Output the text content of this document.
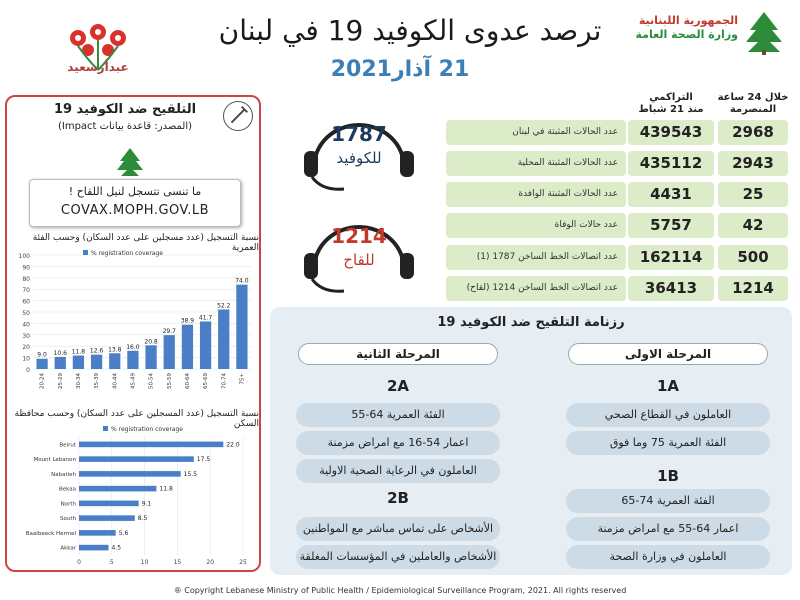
ترصد عدوى الكوفيد 19 في لبنان
21 آذار2021
الجمهورية اللبنانية
وزارة الصحة العامة
عبدأرسعيد
التلقيح ضد الكوفيد 19
(المصدر: قاعدة بيانات Impact)
ما تنسى تتسجل لنيل اللقاح !
COVAX.MOPH.GOV.LB
نسبة التسجيل (عدد مسجلين على عدد السكان) وحسب الفئة العمرية
0
10
20
30
40
50
60
70
80
90
100	% registration coverage
9.0
20-24
10.6
25-29
11.8
30-34
12.6
35-39
13.8
40-44
16.0
45-49
20.8
50-54
29.7
55-59
38.9
60-64
41.7
65-69
52.2
70-74
74.0
75+
نسبة التسجيل (عدد المسجلين على عدد السكان) وحسب محافظة السكن
0	5	10	15	20	25
% registration coverage
22.0
Beirut
17.5
Mount Lebanon
15.5
Nabatieh
11.8
Bekaa
9.1
North
8.5
South
5.6
Baalbeeck Hermel
4.5
Akkar
1787
للكوفيد
1214
للقاح
خلال 24 ساعة
المنصرمة
التراكمي
منذ 21 شباط
عدد الحالات المثبتة في لبنان	439543	2968
عدد الحالات المثبتة المحلية	435112	2943
عدد الحالات المثبتة الوافدة	4431	25
عدد حالات الوفاة	5757	42
عدد اتصالات الخط الساخن 1787 (1)	162114	500
عدد اتصالات الخط الساخن 1214 (لقاح)	36413	1214
رزنامة التلقيح ضد الكوفيد 19
المرحلة الاولى
المرحلة الثانية
1A
العاملون في القطاع الصحي
الفئة العمرية 75 وما فوق
1B
الفئة العمرية 74-65
اعمار 64-55 مع امراض مزمنة
العاملون في وزارة الصحة
2A
الفئة العمرية 64-55
اعمار 54-16 مع امراض مزمنة
العاملون في الرعاية الصحية الاولية
2B
الأشخاص على تماس مباشر مع المواطنين
الأشخاص والعاملين في المؤسسات المغلقة
® Copyright Lebanese Ministry of Public Health / Epidemiological Surveillance Program, 2021. All rights reserved
